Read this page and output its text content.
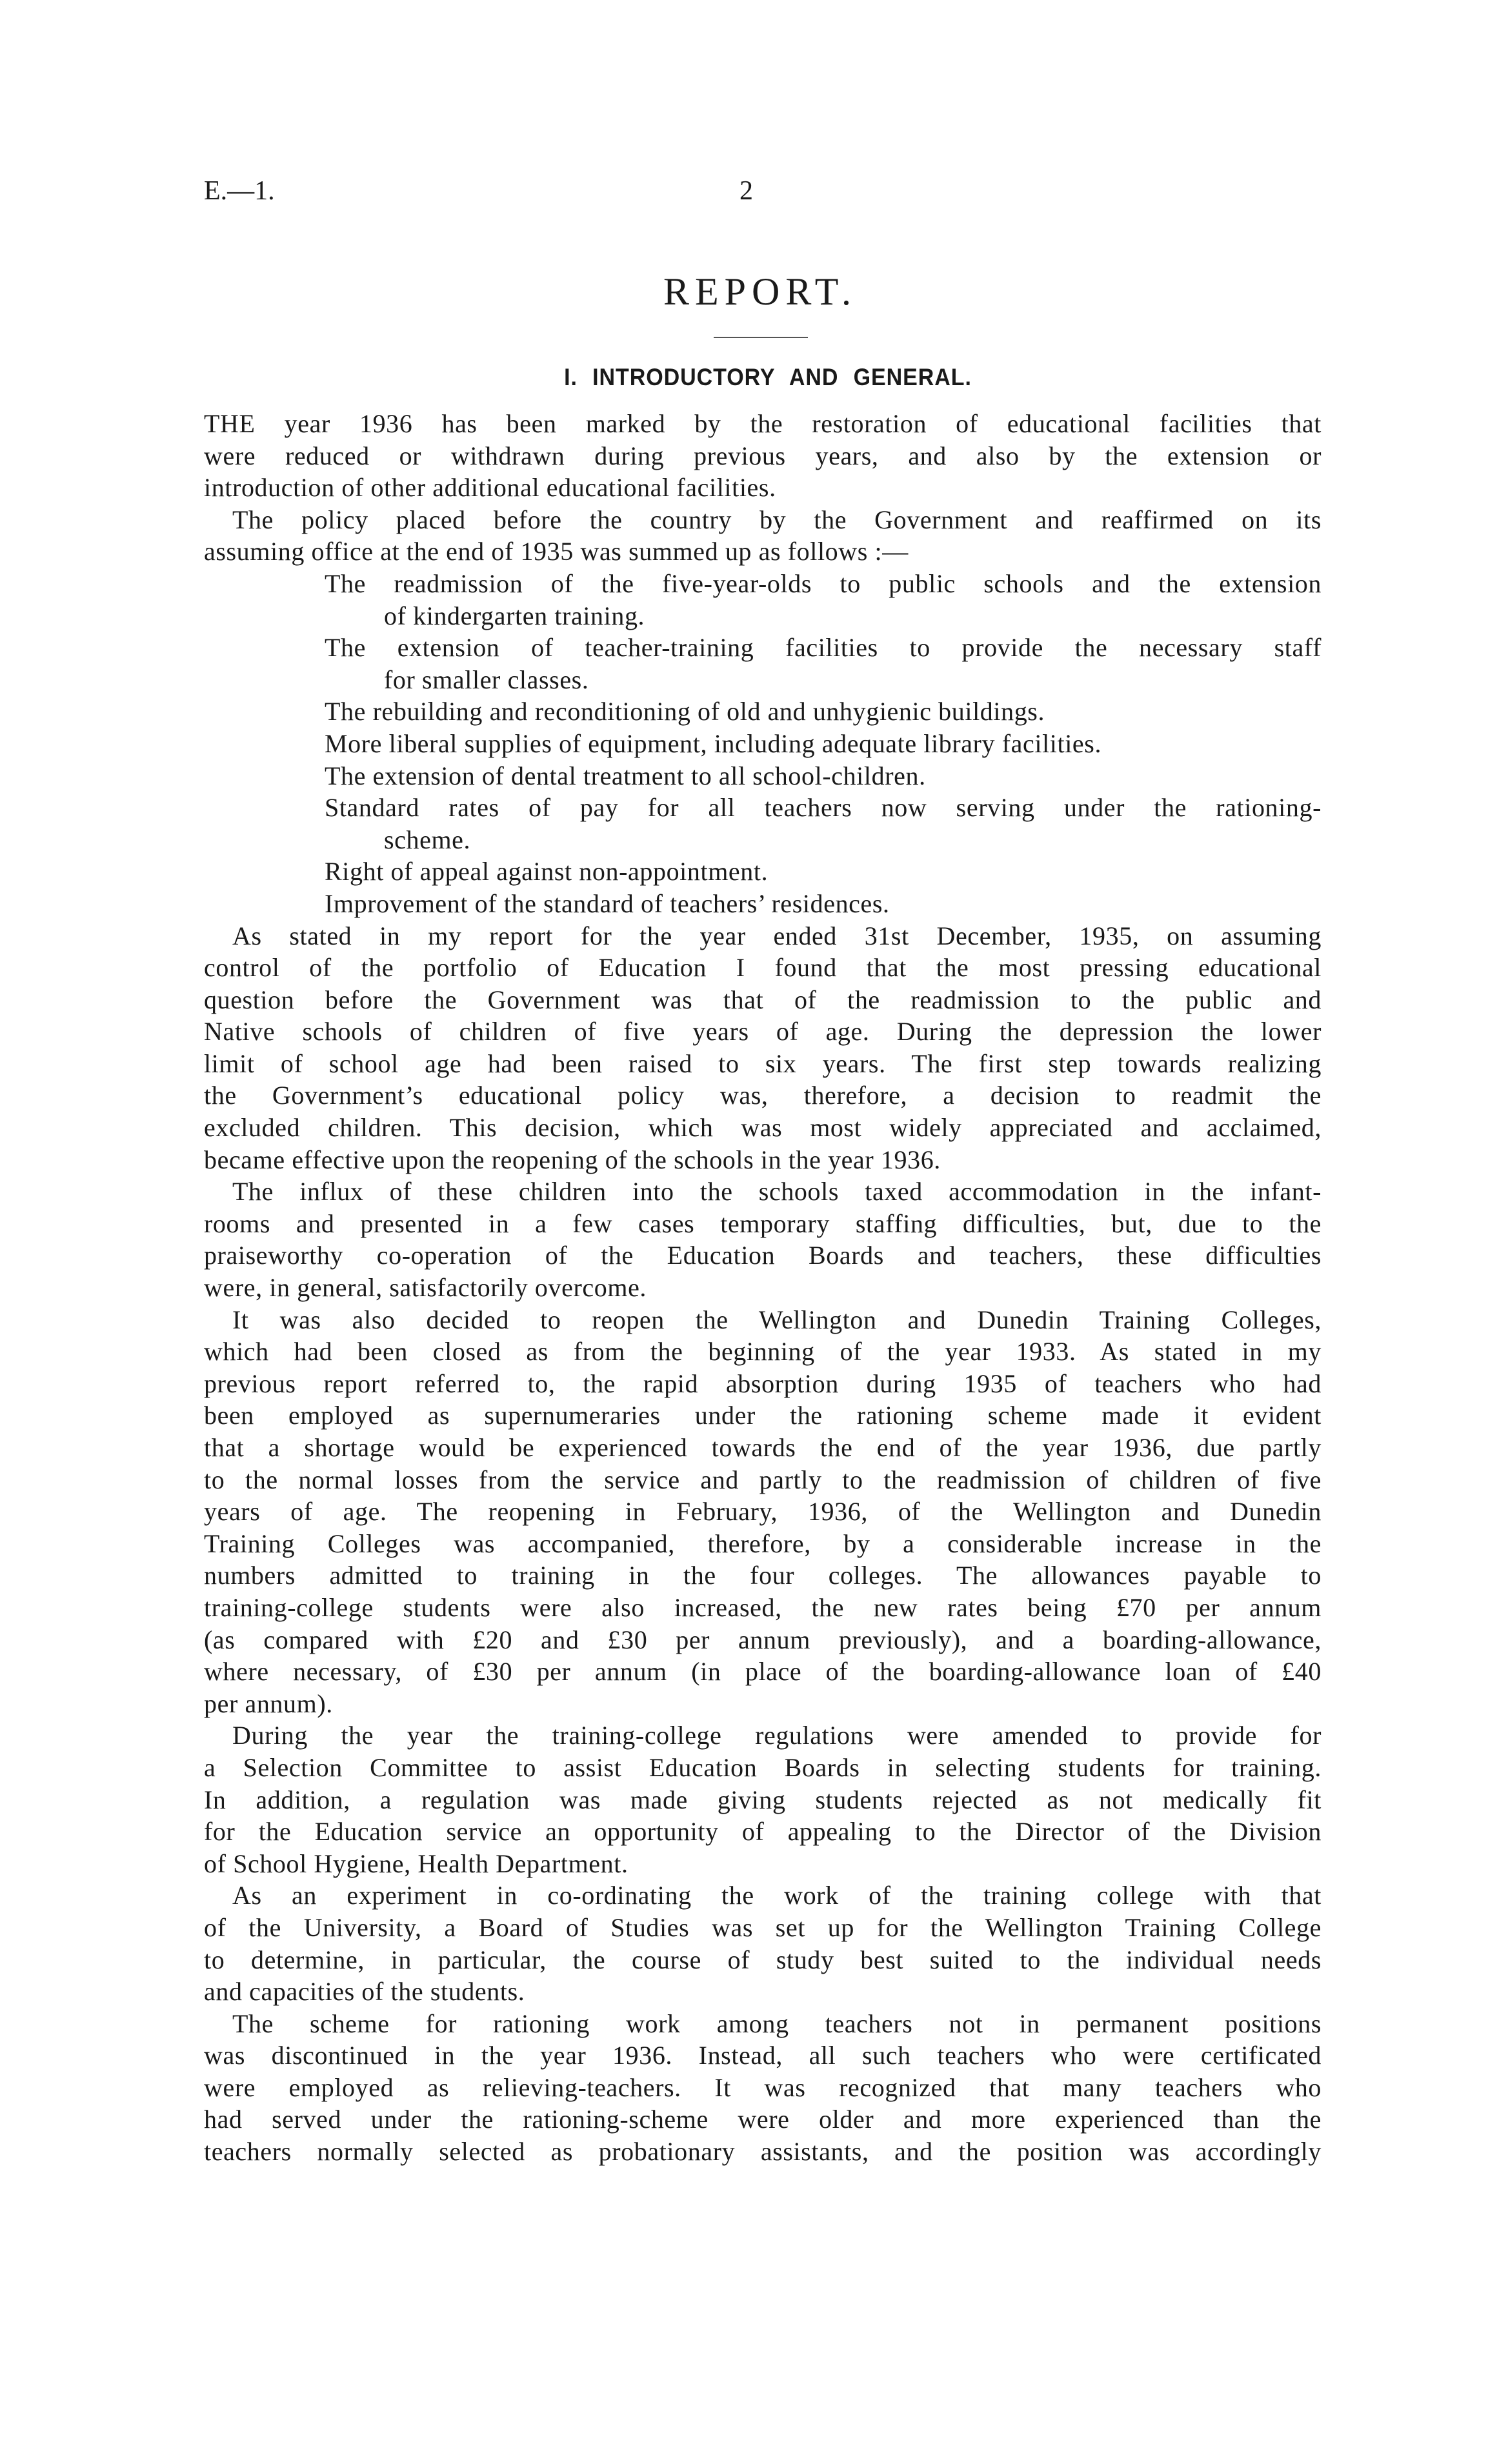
E.—1.	2
REPORT.
I. INTRODUCTORY AND GENERAL.
THE year 1936 has been marked by the restoration of educational facilities that
were reduced or withdrawn during previous years, and also by the extension or
introduction of other additional educational facilities.
The policy placed before the country by the Government and reaffirmed on its
assuming office at the end of 1935 was summed up as follows :—
The readmission of the five-year-olds to public schools and the extension
of kindergarten training.
The extension of teacher-training facilities to provide the necessary staff
for smaller classes.
The rebuilding and reconditioning of old and unhygienic buildings.
More liberal supplies of equipment, including adequate library facilities.
The extension of dental treatment to all school-children.
Standard rates of pay for all teachers now serving under the rationing-
scheme.
Right of appeal against non-appointment.
Improvement of the standard of teachers’ residences.
As stated in my report for the year ended 31st December, 1935, on assuming
control of the portfolio of Education I found that the most pressing educational
question before the Government was that of the readmission to the public and
Native schools of children of five years of age. During the depression the lower
limit of school age had been raised to six years. The first step towards realizing
the Government’s educational policy was, therefore, a decision to readmit the
excluded children. This decision, which was most widely appreciated and acclaimed,
became effective upon the reopening of the schools in the year 1936.
The influx of these children into the schools taxed accommodation in the infant-
rooms and presented in a few cases temporary staffing difficulties, but, due to the
praiseworthy co-operation of the Education Boards and teachers, these difficulties
were, in general, satisfactorily overcome.
It was also decided to reopen the Wellington and Dunedin Training Colleges,
which had been closed as from the beginning of the year 1933. As stated in my
previous report referred to, the rapid absorption during 1935 of teachers who had
been employed as supernumeraries under the rationing scheme made it evident
that a shortage would be experienced towards the end of the year 1936, due partly
to the normal losses from the service and partly to the readmission of children of five
years of age. The reopening in February, 1936, of the Wellington and Dunedin
Training Colleges was accompanied, therefore, by a considerable increase in the
numbers admitted to training in the four colleges. The allowances payable to
training-college students were also increased, the new rates being £70 per annum
(as compared with £20 and £30 per annum previously), and a boarding-allowance,
where necessary, of £30 per annum (in place of the boarding-allowance loan of £40
per annum).
During the year the training-college regulations were amended to provide for
a Selection Committee to assist Education Boards in selecting students for training.
In addition, a regulation was made giving students rejected as not medically fit
for the Education service an opportunity of appealing to the Director of the Division
of School Hygiene, Health Department.
As an experiment in co-ordinating the work of the training college with that
of the University, a Board of Studies was set up for the Wellington Training College
to determine, in particular, the course of study best suited to the individual needs
and capacities of the students.
The scheme for rationing work among teachers not in permanent positions
was discontinued in the year 1936. Instead, all such teachers who were certificated
were employed as relieving-teachers. It was recognized that many teachers who
had served under the rationing-scheme were older and more experienced than the
teachers normally selected as probationary assistants, and the position was accordingly
